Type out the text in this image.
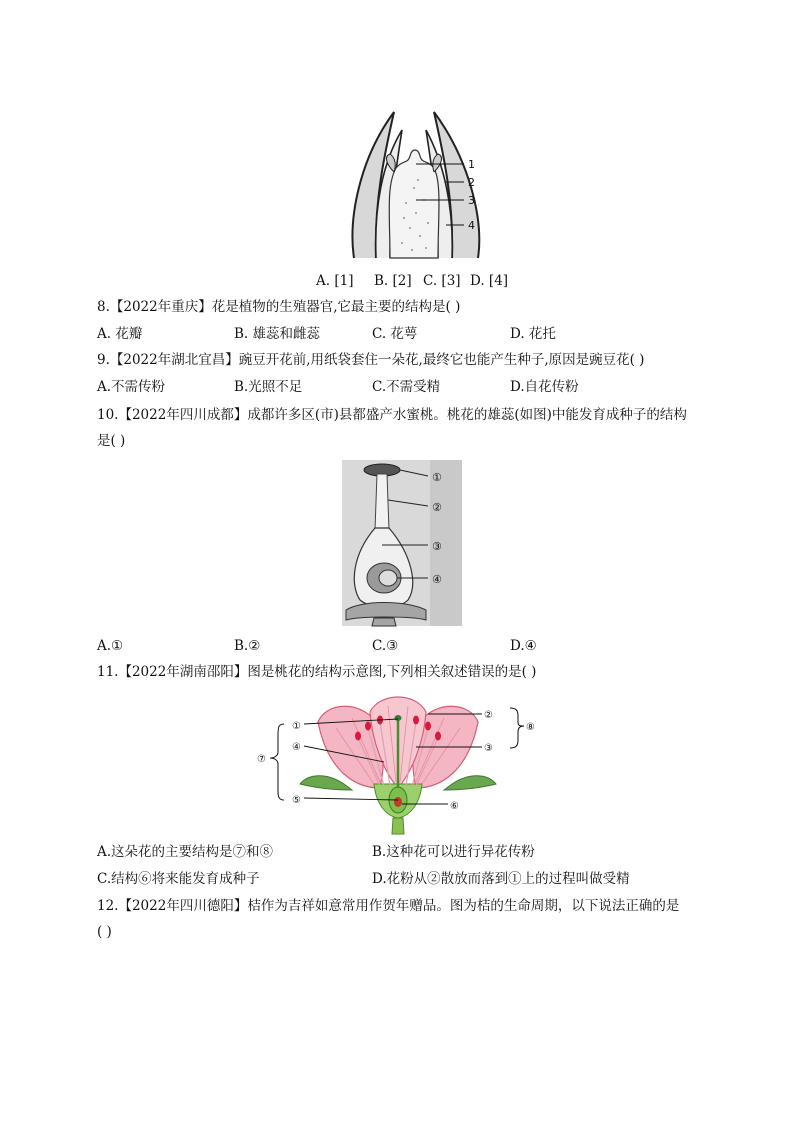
1
2
3
4
A. [1] B. [2] C. [3] D. [4]
8.【2022年重庆】花是植物的生殖器官,它最主要的结构是( )
A. 花瓣	B. 雄蕊和雌蕊	C. 花萼	D. 花托
9.【2022年湖北宜昌】豌豆开花前,用纸袋套住一朵花,最终它也能产生种子,原因是豌豆花( )
A.不需传粉	B.光照不足	C.不需受精	D.自花传粉
10.【2022年四川成都】成都许多区(市)县都盛产水蜜桃。桃花的雄蕊(如图)中能发育成种子的结构
是( )
①
②
③
④
A.①	B.②	C.③	D.④
11.【2022年湖南邵阳】图是桃花的结构示意图,下列相关叙述错误的是( )
①
②
③
④
⑤
⑥
⑦
⑧
A.这朵花的主要结构是⑦和⑧	B.这种花可以进行异花传粉
C.结构⑥将来能发育成种子	D.花粉从②散放而落到①上的过程叫做受精
12.【2022年四川德阳】桔作为吉祥如意常用作贺年赠品。图为桔的生命周期，以下说法正确的是
( )
